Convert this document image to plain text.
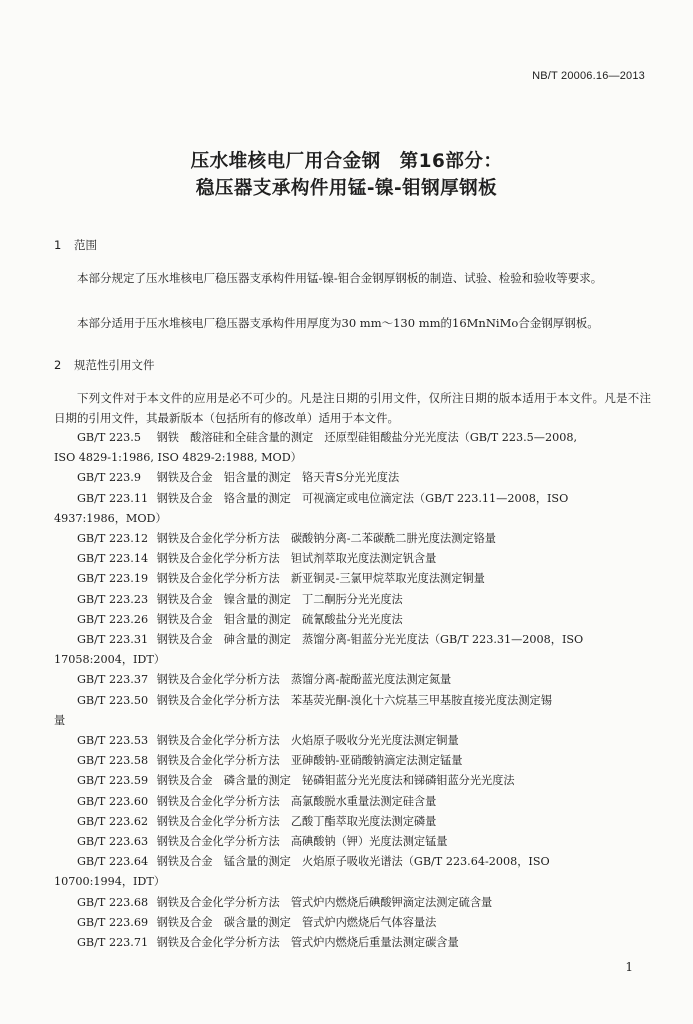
NB/T 20006.16—2013
压水堆核电厂用合金钢　第16部分：
稳压器支承构件用锰-镍-钼钢厚钢板
1 范围
本部分规定了压水堆核电厂稳压器支承构件用锰-镍-钼合金钢厚钢板的制造、试验、检验和验收等要求。
本部分适用于压水堆核电厂稳压器支承构件用厚度为30 mm～130 mm的16MnNiMo合金钢厚钢板。
2 规范性引用文件
下列文件对于本文件的应用是必不可少的。凡是注日期的引用文件，仅所注日期的版本适用于本文件。凡是不注日期的引用文件，其最新版本（包括所有的修改单）适用于本文件。
GB/T 223.5 钢铁　酸溶硅和全硅含量的测定　还原型硅钼酸盐分光光度法（GB/T 223.5—2008,
ISO 4829-1:1986, ISO 4829-2:1988, MOD）
GB/T 223.9 钢铁及合金　铝含量的测定　铬天青S分光光度法
GB/T 223.11 钢铁及合金　铬含量的测定　可视滴定或电位滴定法（GB/T 223.11—2008，ISO
4937:1986，MOD）
GB/T 223.12 钢铁及合金化学分析方法　碳酸钠分离-二苯碳酰二肼光度法测定铬量
GB/T 223.14 钢铁及合金化学分析方法　钽试剂萃取光度法测定钒含量
GB/T 223.19 钢铁及合金化学分析方法　新亚铜灵-三氯甲烷萃取光度法测定铜量
GB/T 223.23 钢铁及合金　镍含量的测定　丁二酮肟分光光度法
GB/T 223.26 钢铁及合金　钼含量的测定　硫氰酸盐分光光度法
GB/T 223.31 钢铁及合金　砷含量的测定　蒸馏分离-钼蓝分光光度法（GB/T 223.31—2008，ISO
17058:2004，IDT）
GB/T 223.37 钢铁及合金化学分析方法　蒸馏分离-靛酚蓝光度法测定氮量
GB/T 223.50 钢铁及合金化学分析方法　苯基荧光酮-溴化十六烷基三甲基胺直接光度法测定锡
量
GB/T 223.53 钢铁及合金化学分析方法　火焰原子吸收分光光度法测定铜量
GB/T 223.58 钢铁及合金化学分析方法　亚砷酸钠-亚硝酸钠滴定法测定锰量
GB/T 223.59 钢铁及合金　磷含量的测定　铋磷钼蓝分光光度法和锑磷钼蓝分光光度法
GB/T 223.60 钢铁及合金化学分析方法　高氯酸脱水重量法测定硅含量
GB/T 223.62 钢铁及合金化学分析方法　乙酸丁酯萃取光度法测定磷量
GB/T 223.63 钢铁及合金化学分析方法　高碘酸钠（钾）光度法测定锰量
GB/T 223.64 钢铁及合金　锰含量的测定　火焰原子吸收光谱法（GB/T 223.64-2008，ISO
10700:1994，IDT）
GB/T 223.68 钢铁及合金化学分析方法　管式炉内燃烧后碘酸钾滴定法测定硫含量
GB/T 223.69 钢铁及合金　碳含量的测定　管式炉内燃烧后气体容量法
GB/T 223.71 钢铁及合金化学分析方法　管式炉内燃烧后重量法测定碳含量
1
